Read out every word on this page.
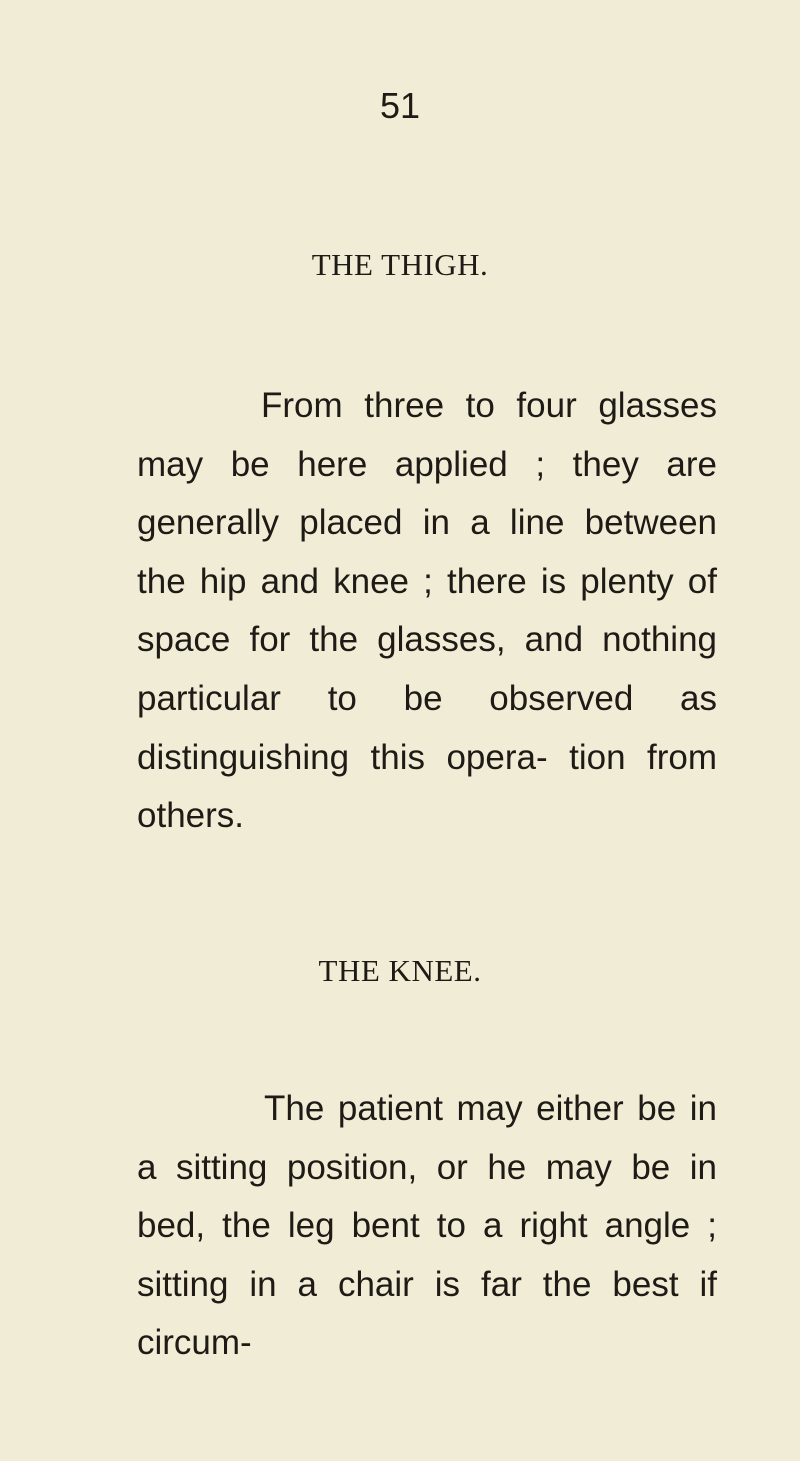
51
THE THIGH.

From three to four glasses may be here applied ; they are generally placed in a line between the hip and knee ; there is plenty of space for the glasses, and nothing particular to be observed as distinguishing this opera- tion from others.

THE KNEE.

The patient may either be in a sitting position, or he may be in bed, the leg bent to a right angle ; sitting in a chair is far the best if circum-
